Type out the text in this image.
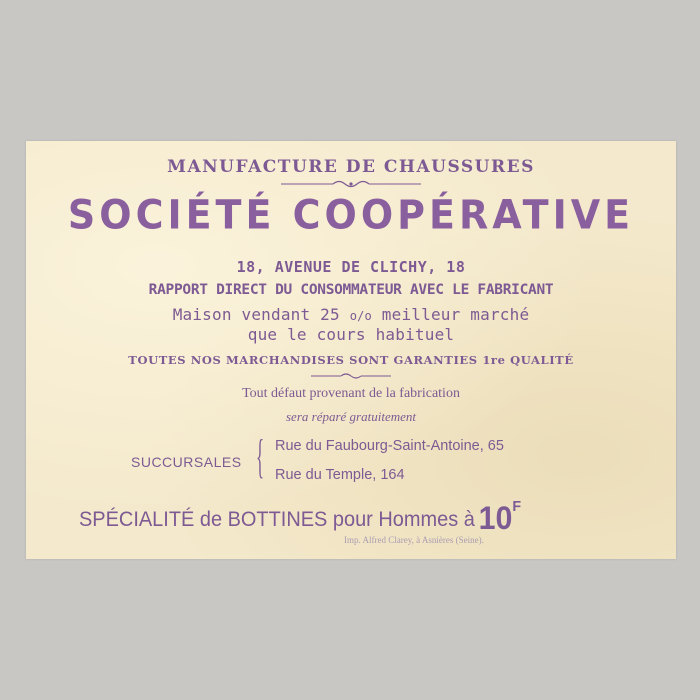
MANUFACTURE DE CHAUSSURES
SOCIÉTÉ COOPÉRATIVE
18, AVENUE DE CLICHY, 18
RAPPORT DIRECT DU CONSOMMATEUR AVEC LE FABRICANT
Maison vendant 25 o/o meilleur marché
que le cours habituel
TOUTES NOS MARCHANDISES SONT GARANTIES 1re QUALITÉ
Tout défaut provenant de la fabrication
sera réparé gratuitement
SUCCURSALES { Rue du Faubourg-Saint-Antoine, 65
Rue du Temple, 164
SPÉCIALITÉ de BOTTINES pour Hommes à $10^F$
Imp. Alfred Clarey, à Asnières (Seine).
